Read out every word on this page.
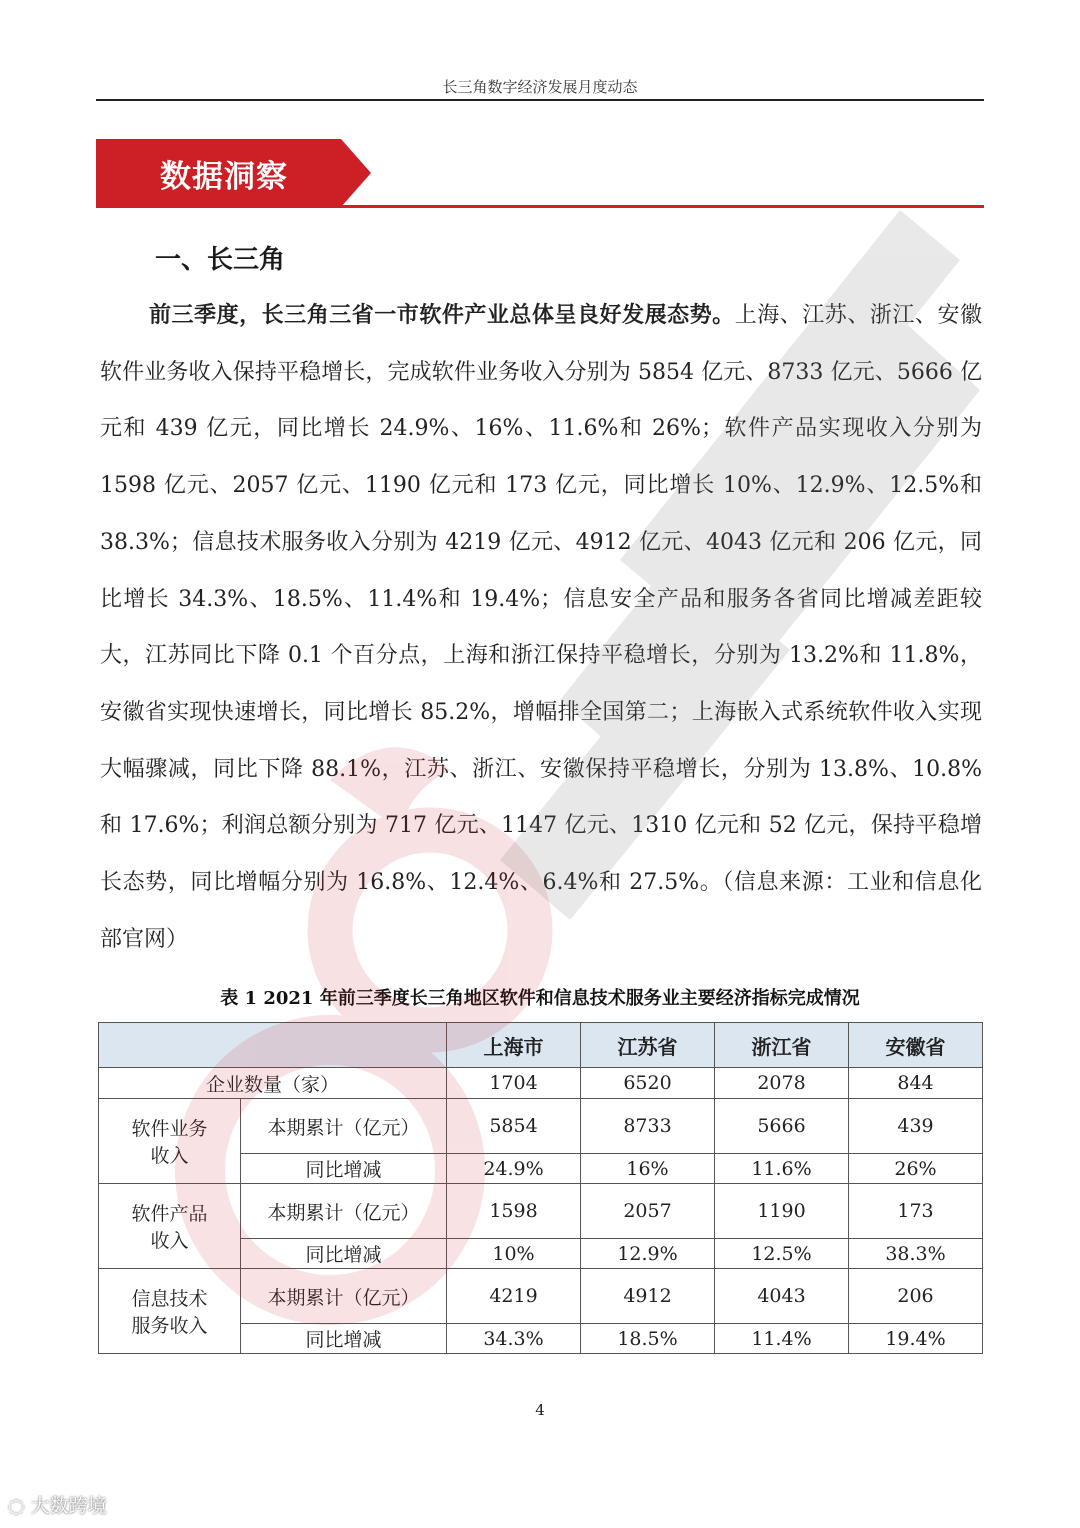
长三角数字经济发展月度动态
数据洞察
一、长三角
前三季度，长三角三省一市软件产业总体呈良好发展态势。上海、江苏、浙江、安徽软件业务收入保持平稳增长，完成软件业务收入分别为 5854 亿元、8733 亿元、5666 亿元和 439 亿元，同比增长 24.9%、16%、11.6%和 26%；软件产品实现收入分别为 1598 亿元、2057 亿元、1190 亿元和 173 亿元，同比增长 10%、12.9%、12.5%和 38.3%；信息技术服务收入分别为 4219 亿元、4912 亿元、4043 亿元和 206 亿元，同比增长 34.3%、18.5%、11.4%和 19.4%；信息安全产品和服务各省同比增减差距较大，江苏同比下降 0.1 个百分点，上海和浙江保持平稳增长，分别为 13.2%和 11.8%，安徽省实现快速增长，同比增长 85.2%，增幅排全国第二；上海嵌入式系统软件收入实现大幅骤减，同比下降 88.1%，江苏、浙江、安徽保持平稳增长，分别为 13.8%、10.8%和 17.6%；利润总额分别为 717 亿元、1147 亿元、1310 亿元和 52 亿元，保持平稳增长态势，同比增幅分别为 16.8%、12.4%、6.4%和 27.5%。（信息来源：工业和信息化部官网）
表 1 2021 年前三季度长三角地区软件和信息技术服务业主要经济指标完成情况
		上海市	江苏省	浙江省	安徽省
企业数量（家）		1704	6520	2078	844
软件业务
收入	本期累计（亿元）	5854	8733	5666	439
	同比增减	24.9%	16%	11.6%	26%
软件产品
收入	本期累计（亿元）	1598	2057	1190	173
	同比增减	10%	12.9%	12.5%	38.3%
信息技术
服务收入	本期累计（亿元）	4219	4912	4043	206
	同比增减	34.3%	18.5%	11.4%	19.4%
4
◌ 大数跨境
